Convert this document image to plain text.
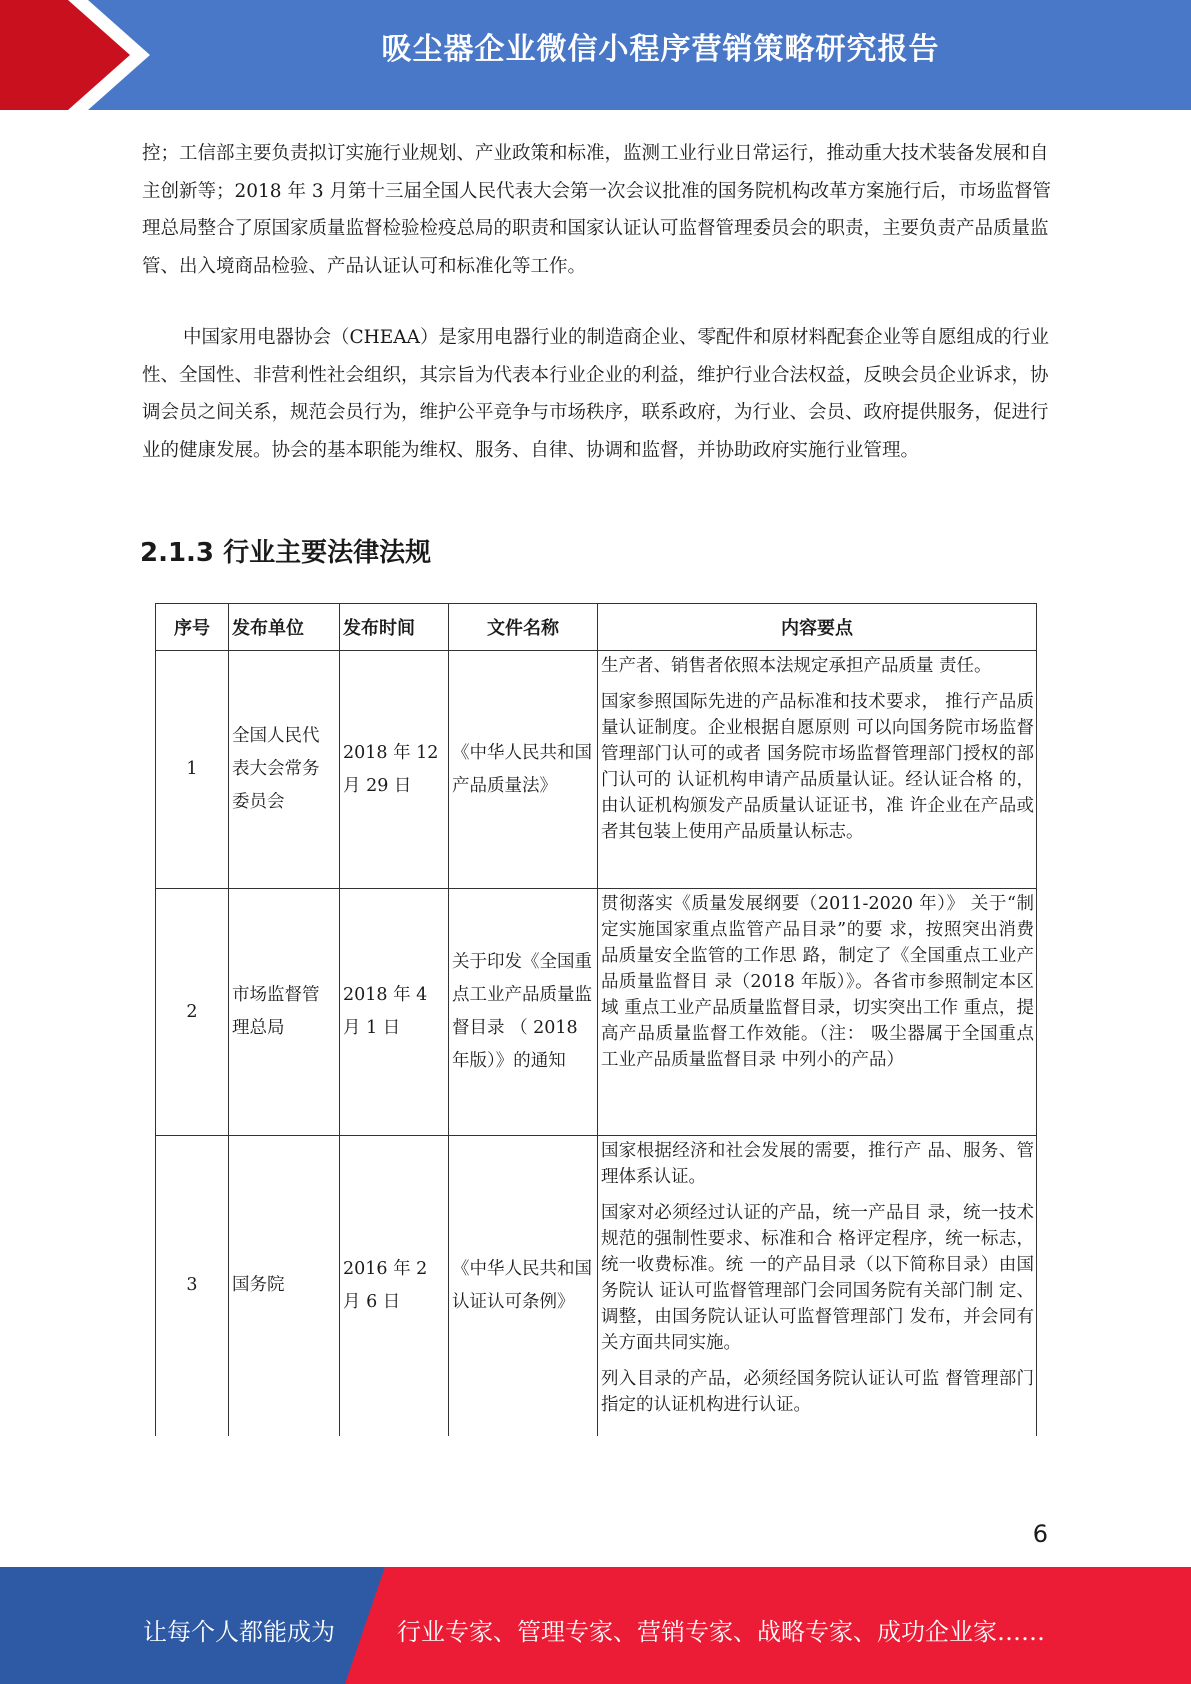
吸尘器企业微信小程序营销策略研究报告

控；工信部主要负责拟订实施行业规划、产业政策和标准，监测工业行业日常运行，推动重大技术装备发展和自主创新等；2018 年 3 月第十三届全国人民代表大会第一次会议批准的国务院机构改革方案施行后，市场监督管理总局整合了原国家质量监督检验检疫总局的职责和国家认证认可监督管理委员会的职责，主要负责产品质量监管、出入境商品检验、产品认证认可和标准化等工作。

中国家用电器协会（CHEAA）是家用电器行业的制造商企业、零配件和原材料配套企业等自愿组成的行业性、全国性、非营利性社会组织，其宗旨为代表本行业企业的利益，维护行业合法权益，反映会员企业诉求，协调会员之间关系，规范会员行为，维护公平竞争与市场秩序，联系政府，为行业、会员、政府提供服务，促进行业的健康发展。协会的基本职能为维权、服务、自律、协调和监督，并协助政府实施行业管理。

2.1.3 行业主要法律法规
序号	发布单位	发布时间	文件名称	内容要点
1	全国人民代表大会常务委员会	2018 年 12 月 29 日	《中华人民共和国产品质量法》	生产者、销售者依照本法规定承担产品质量 责任。

国家参照国际先进的产品标准和技术要求， 推行产品质量认证制度。企业根据自愿原则 可以向国务院市场监督管理部门认可的或者 国务院市场监督管理部门授权的部门认可的 认证机构申请产品质量认证。经认证合格 的，由认证机构颁发产品质量认证证书，准 许企业在产品或者其包装上使用产品质量认标志。

2	市场监督管理总局	2018 年 4 月 1 日	关于印发《全国重点工业产品质量监督目录 （ 2018 年版）》的通知	贯彻落实《质量发展纲要（2011-2020 年）》 关于“制定实施国家重点监管产品目录”的要 求，按照突出消费品质量安全监管的工作思 路，制定了《全国重点工业产品质量监督目 录（2018 年版）》。各省市参照制定本区域 重点工业产品质量监督目录，切实突出工作 重点，提高产品质量监督工作效能。（注： 吸尘器属于全国重点工业产品质量监督目录 中列小的产品）

3	国务院	2016 年 2 月 6 日	《中华人民共和国认证认可条例》	国家根据经济和社会发展的需要，推行产 品、服务、管理体系认证。

国家对必须经过认证的产品，统一产品目 录，统一技术规范的强制性要求、标准和合 格评定程序，统一标志，统一收费标准。统 一的产品目录（以下简称目录）由国务院认 证认可监督管理部门会同国务院有关部门制 定、调整，由国务院认证认可监督管理部门 发布，并会同有关方面共同实施。

列入目录的产品，必须经国务院认证认可监 督管理部门指定的认证机构进行认证。

6
让每个人都能成为	行业专家、管理专家、营销专家、战略专家、成功企业家……
